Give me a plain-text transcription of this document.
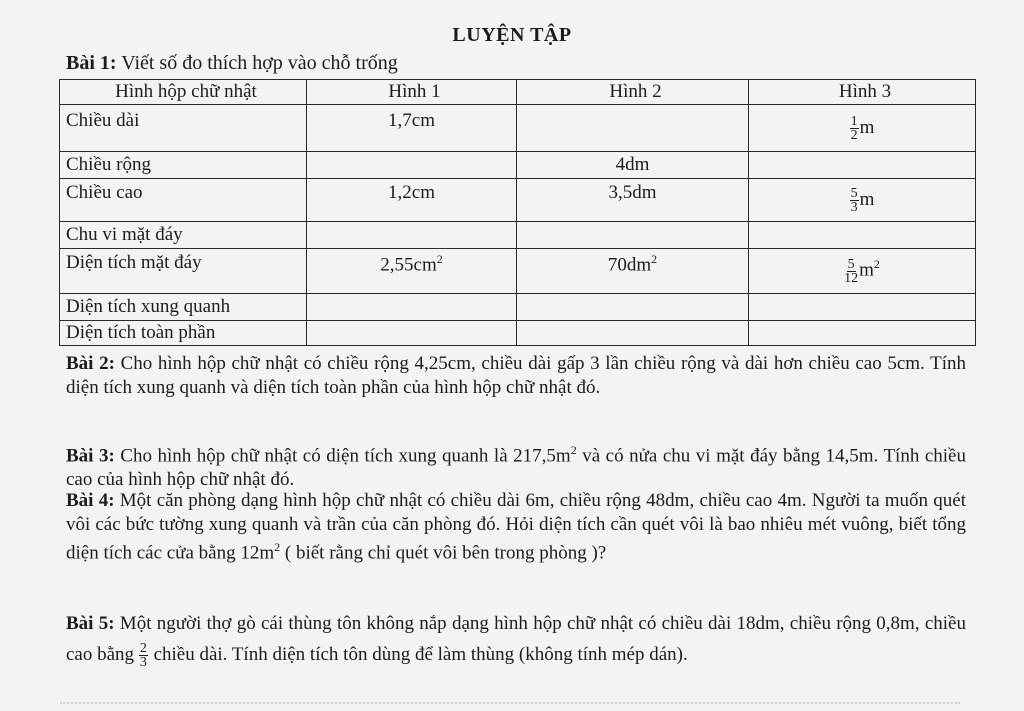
LUYỆN TẬP
Bài 1: Viết số đo thích hợp vào chỗ trống
Hình hộp chữ nhật	Hình 1	Hình 2	Hình 3
Chiều dài	1,7cm		$\frac{1}{2}$ m
Chiều rộng		4dm	
Chiều cao	1,2cm	3,5dm	$\frac{5}{3}$ m
Chu vi mặt đáy			
Diện tích mặt đáy	$2,55cm^2$	$70dm^2$	$\frac{5}{12} m^2$
Diện tích xung quanh			
Diện tích toàn phần			
Bài 2: Cho hình hộp chữ nhật có chiều rộng 4,25cm, chiều dài gấp 3 lần chiều rộng và dài hơn chiều cao 5cm. Tính diện tích xung quanh và diện tích toàn phần của hình hộp chữ nhật đó.
Bài 3: Cho hình hộp chữ nhật có diện tích xung quanh là $217,5m^2$ và có nửa chu vi mặt đáy bằng 14,5m. Tính chiều cao của hình hộp chữ nhật đó.
Bài 4: Một căn phòng dạng hình hộp chữ nhật có chiều dài 6m, chiều rộng 48dm, chiều cao 4m. Người ta muốn quét vôi các bức tường xung quanh và trần của căn phòng đó. Hỏi diện tích cần quét vôi là bao nhiêu mét vuông, biết tổng diện tích các cửa bằng $12m^2$ ( biết rằng chỉ quét vôi bên trong phòng )?
Bài 5: Một người thợ gò cái thùng tôn không nắp dạng hình hộp chữ nhật có chiều dài 18dm, chiều rộng 0,8m, chiều cao bằng $\frac{2}{3}$ chiều dài. Tính diện tích tôn dùng để làm thùng (không tính mép dán).
